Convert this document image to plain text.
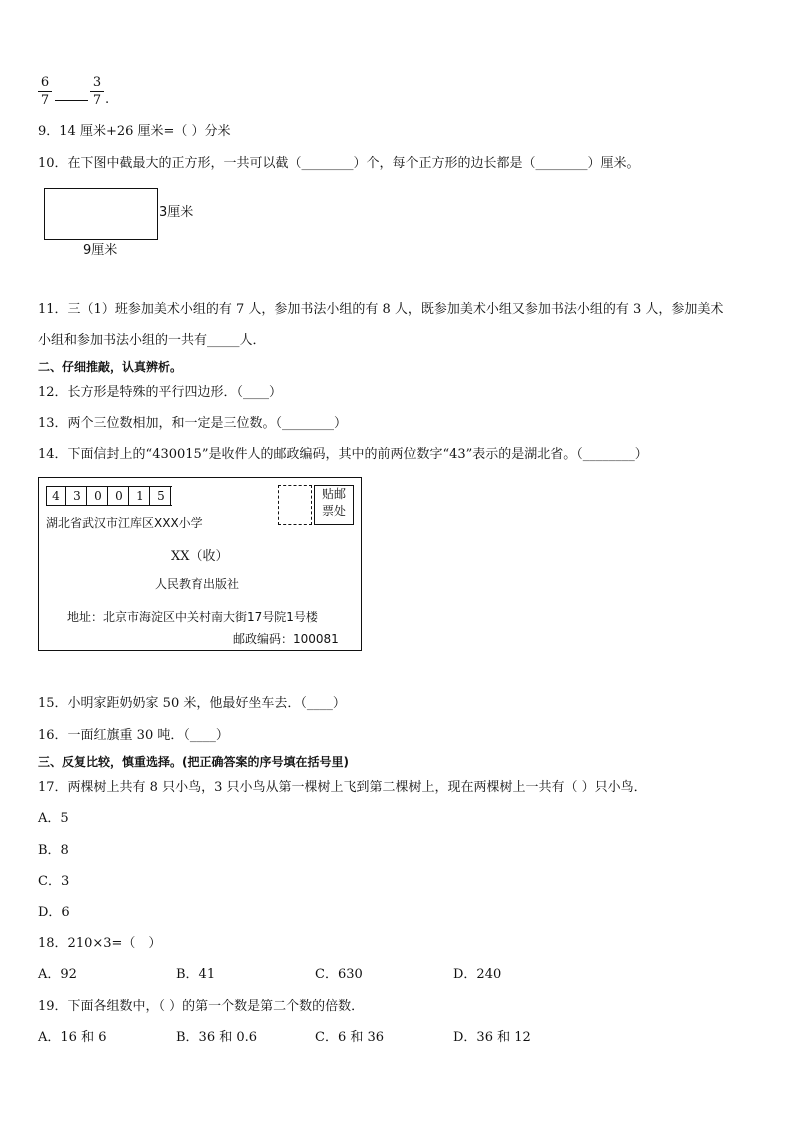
6
7
3
7 .
9．14 厘米+26 厘米=（ ）分米
10．在下图中截最大的正方形，一共可以截（________）个，每个正方形的边长都是（________）厘米。
3厘米
9厘米
11．三（1）班参加美术小组的有 7 人，参加书法小组的有 8 人，既参加美术小组又参加书法小组的有 3 人，参加美术
小组和参加书法小组的一共有_____人．
二、仔细推敲，认真辨析。
12．长方形是特殊的平行四边形．（____）
13．两个三位数相加，和一定是三位数。（________）
14．下面信封上的“430015”是收件人的邮政编码，其中的前两位数字“43”表示的是湖北省。（________）
4	3	0	0	1	5	贴邮
票处
湖北省武汉市江库区XXX小学
XX（收）
人民教育出版社
地址：北京市海淀区中关村南大街17号院1号楼
邮政编码：100081
15．小明家距奶奶家 50 米，他最好坐车去．（____）
16．一面红旗重 30 吨．（____）
三、反复比较，慎重选择。(把正确答案的序号填在括号里)
17．两棵树上共有 8 只小鸟，3 只小鸟从第一棵树上飞到第二棵树上，现在两棵树上一共有（ ）只小鸟．
A．5
B．8
C．3
D．6
18．210×3=（　）
A．92	B．41	C．630	D．240
19．下面各组数中，（ ）的第一个数是第二个数的倍数．
A．16 和 6	B．36 和 0.6	C．6 和 36	D．36 和 12
